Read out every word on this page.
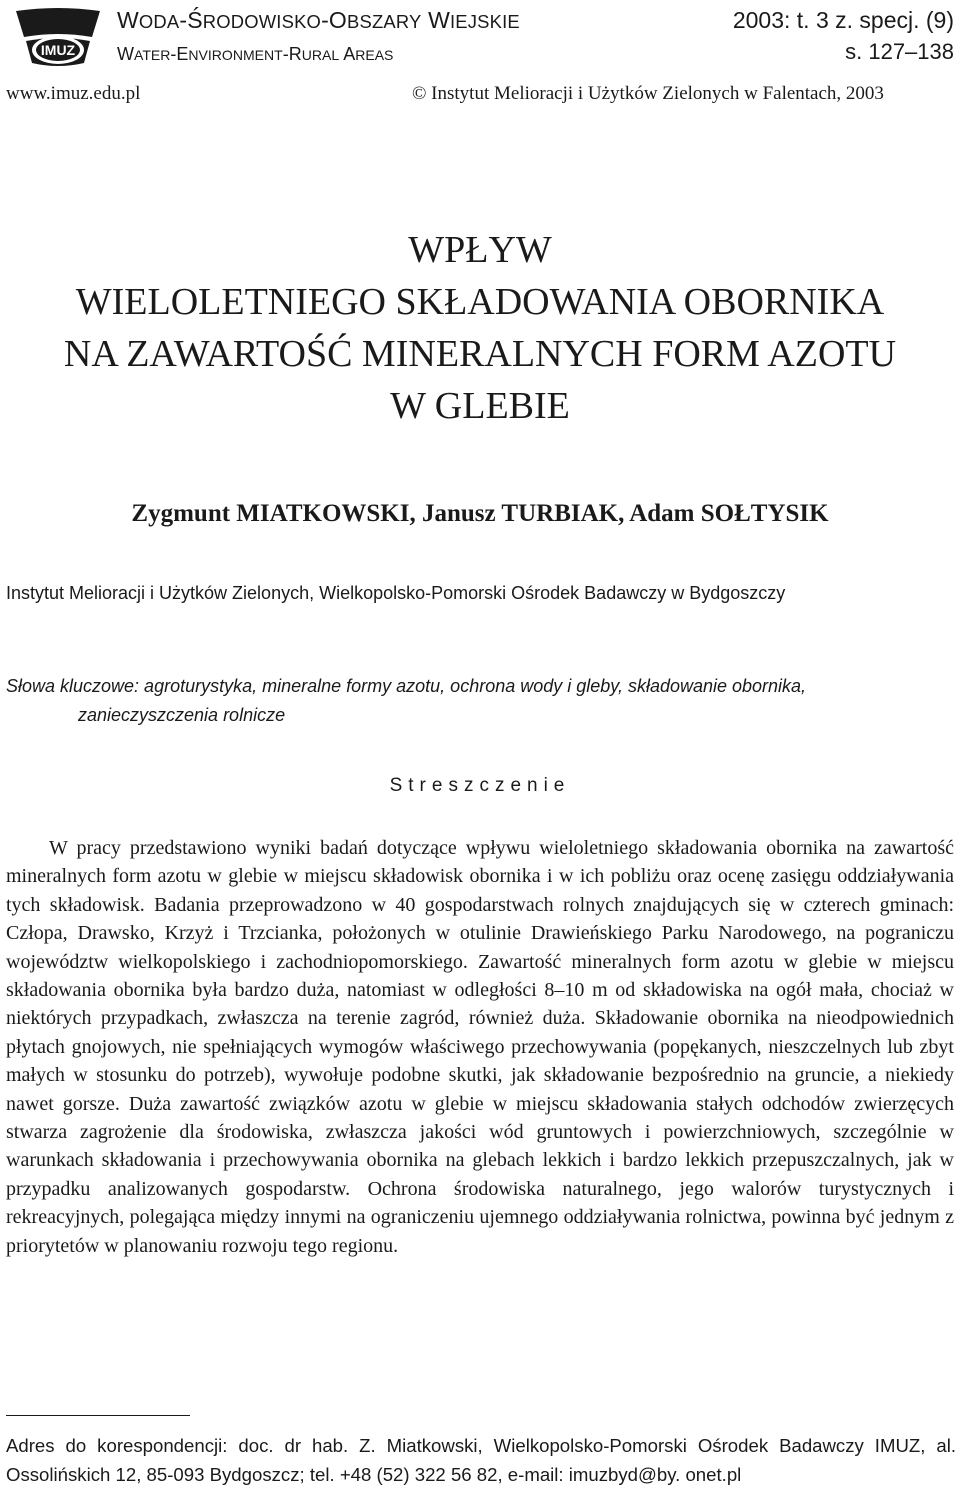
IMUZ
WODA-ŚRODOWISKO-OBSZARY WIEJSKIE
WATER-ENVIRONMENT-RURAL AREAS
2003: t. 3 z. specj. (9)
s. 127–138
www.imuz.edu.pl	© Instytut Melioracji i Użytków Zielonych w Falentach, 2003
WPŁYW
WIELOLETNIEGO SKŁADOWANIA OBORNIKA
NA ZAWARTOŚĆ MINERALNYCH FORM AZOTU
W GLEBIE
Zygmunt MIATKOWSKI, Janusz TURBIAK, Adam SOŁTYSIK
Instytut Melioracji i Użytków Zielonych, Wielkopolsko-Pomorski Ośrodek Badawczy w Bydgoszczy
Słowa kluczowe: agroturystyka, mineralne formy azotu, ochrona wody i gleby, składowanie obornika,
zanieczyszczenia rolnicze
Streszczenie

W pracy przedstawiono wyniki badań dotyczące wpływu wieloletniego składowania obornika na zawartość mineralnych form azotu w glebie w miejscu składowisk obornika i w ich pobliżu oraz ocenę zasięgu oddziaływania tych składowisk. Badania przeprowadzono w 40 gospodarstwach rolnych znajdujących się w czterech gminach: Człopa, Drawsko, Krzyż i Trzcianka, położonych w otulinie Drawieńskiego Parku Narodowego, na pograniczu województw wielkopolskiego i zachodniopomorskiego. Zawartość mineralnych form azotu w glebie w miejscu składowania obornika była bardzo duża, natomiast w odległości 8–10 m od składowiska na ogół mała, chociaż w niektórych przypadkach, zwłaszcza na terenie zagród, również duża. Składowanie obornika na nieodpowiednich płytach gnojowych, nie spełniających wymogów właściwego przechowywania (popękanych, nieszczelnych lub zbyt małych w stosunku do potrzeb), wywołuje podobne skutki, jak składowanie bezpośrednio na gruncie, a niekiedy nawet gorsze. Duża zawartość związków azotu w glebie w miejscu składowania stałych odchodów zwierzęcych stwarza zagrożenie dla środowiska, zwłaszcza jakości wód gruntowych i powierzchniowych, szczególnie w warunkach składowania i przechowywania obornika na glebach lekkich i bardzo lekkich przepuszczalnych, jak w przypadku analizowanych gospodarstw. Ochrona środowiska naturalnego, jego walorów turystycznych i rekreacyjnych, polegająca między innymi na ograniczeniu ujemnego oddziaływania rolnictwa, powinna być jednym z priorytetów w planowaniu rozwoju tego regionu.

Adres do korespondencji: doc. dr hab. Z. Miatkowski, Wielkopolsko-Pomorski Ośrodek Badawczy IMUZ, al. Ossolińskich 12, 85-093 Bydgoszcz; tel. +48 (52) 322 56 82, e-mail: imuzbyd@by. onet.pl
